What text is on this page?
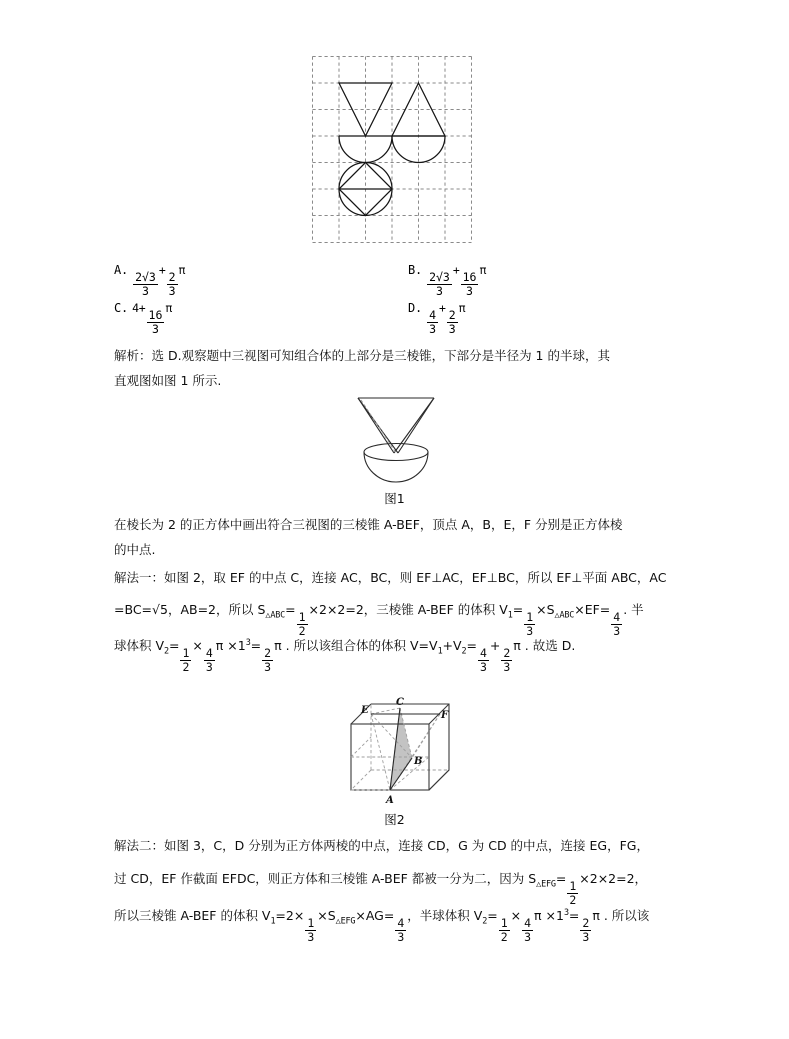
A.
$\frac{2√3}{3}$
+
$\frac{2}{3}$
π	B.
$\frac{2√3}{3}$
+
$\frac{16}{3}$
π
C. 4+
$\frac{16}{3}$
π	D.
$\frac{4}{3}$
+
$\frac{2}{3}$
π
解析：选 D.观察题中三视图可知组合体的上部分是三棱锥，下部分是半径为 1 的半球，其
直观图如图 1 所示.
图1
在棱长为 2 的正方体中画出符合三视图的三棱锥 A-BEF，顶点 A，B，E，F 分别是正方体棱
的中点.
解法一：如图 2，取 EF 的中点 C，连接 AC，BC，则 EF⊥AC，EF⊥BC，所以 EF⊥平面 ABC，AC
=BC=√5，AB=2，所以 $S_{\triangle ABC}=$
$\frac{1}{2}$
×2×2=2，三棱锥 A-BEF 的体积 $V_1=$
$\frac{1}{3}$
$\times S_{\triangle ABC}\times EF=$
$\frac{4}{3}$
. 半
球体积 $V_2=$
$\frac{1}{2}$
×
$\frac{4}{3}$
$\pi \times 1^3=$
$\frac{2}{3}$
π . 所以该组合体的体积 $V=V_1+V_2=$
$\frac{4}{3}$
+
$\frac{2}{3}$
π . 故选 D.
E
C
F
B
A
图2
解法二：如图 3，C，D 分别为正方体两棱的中点，连接 CD，G 为 CD 的中点，连接 EG，FG，
过 CD，EF 作截面 EFDC，则正方体和三棱锥 A-BEF 都被一分为二，因为 $S_{\triangle EFG}=$
$\frac{1}{2}$
×2×2=2，
所以三棱锥 A-BEF 的体积 $V_1=2\times$
$\frac{1}{3}$
$\times S_{\triangle EFG}\times AG=$
$\frac{4}{3}$
，半球体积 $V_2=$
$\frac{1}{2}$
×
$\frac{4}{3}$
$\pi \times 1^3=$
$\frac{2}{3}$
π . 所以该
